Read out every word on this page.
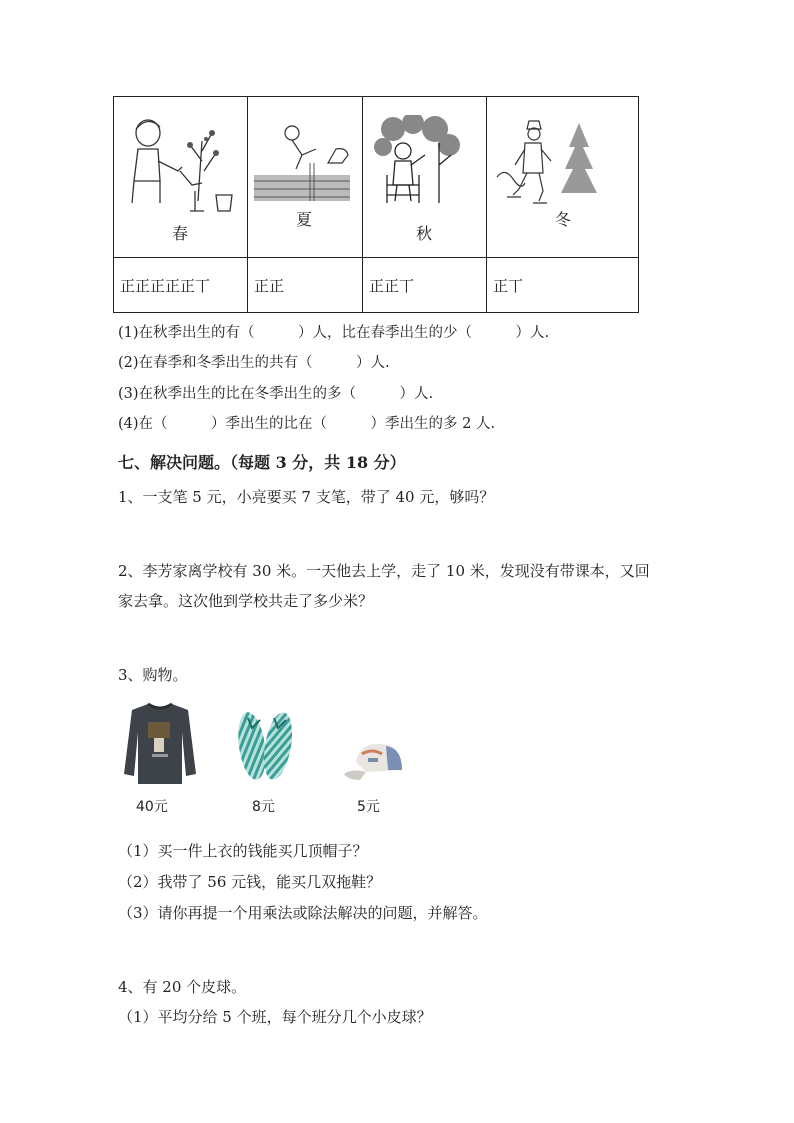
春	夏	秋	冬

正正正正正丅	正正	正正丅	正丅
(1)在秋季出生的有（　　　）人，比在春季出生的少（　　　）人.
(2)在春季和冬季出生的共有（　　　）人.
(3)在秋季出生的比在冬季出生的多（　　　）人.
(4)在（　　　）季出生的比在（　　　）季出生的多 2 人.
七、解决问题。（每题 3 分，共 18 分）
1、一支笔 5 元，小亮要买 7 支笔，带了 40 元，够吗？
2、李芳家离学校有 30 米。一天他去上学，走了 10 米，发现没有带课本，又回
家去拿。这次他到学校共走了多少米？
3、购物。
40元	8元	5元
（1）买一件上衣的钱能买几顶帽子？
（2）我带了 56 元钱，能买几双拖鞋？
（3）请你再提一个用乘法或除法解决的问题，并解答。
4、有 20 个皮球。
（1）平均分给 5 个班，每个班分几个小皮球？
